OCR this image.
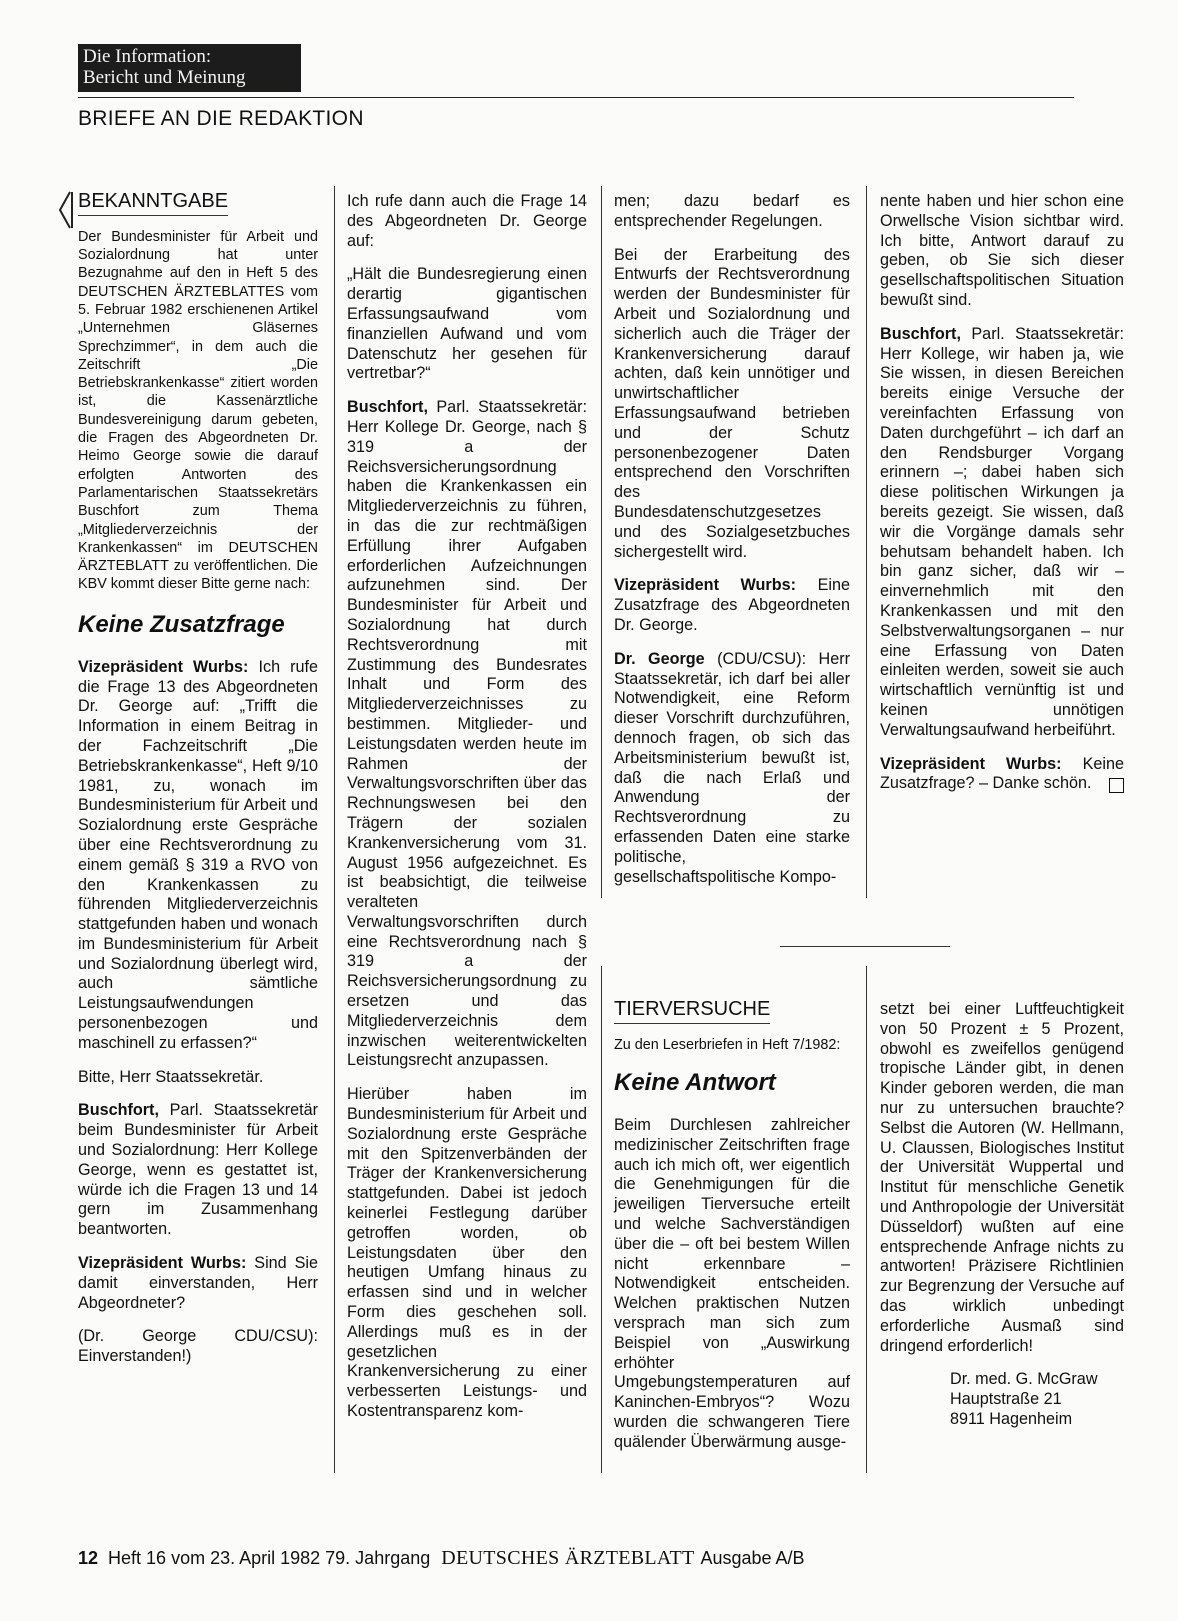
Die Information:
Bericht und Meinung
BRIEFE AN DIE REDAKTION
BEKANNTGABE

Der Bundesminister für Arbeit und Sozialordnung hat unter Bezugnahme auf den in Heft 5 des DEUTSCHEN ÄRZTEBLATTES vom 5. Februar 1982 erschienenen Artikel „Unternehmen Gläsernes Sprechzimmer“, in dem auch die Zeitschrift „Die Betriebskrankenkasse“ zitiert worden ist, die Kassenärztliche Bundesvereinigung darum gebeten, die Fragen des Abgeordneten Dr. Heimo George sowie die darauf erfolgten Antworten des Parlamentarischen Staatssekretärs Buschfort zum Thema „Mitgliederverzeichnis der Krankenkassen“ im DEUTSCHEN ÄRZTEBLATT zu veröffentlichen. Die KBV kommt dieser Bitte gerne nach:

Keine Zusatzfrage

Vizepräsident Wurbs: Ich rufe die Frage 13 des Abgeordneten Dr. George auf: „Trifft die Information in einem Beitrag in der Fachzeitschrift „Die Betriebskrankenkasse“, Heft 9/10 1981, zu, wonach im Bundesministerium für Arbeit und Sozialordnung erste Gespräche über eine Rechtsverordnung zu einem gemäß § 319 a RVO von den Krankenkassen zu führenden Mitgliederverzeichnis stattgefunden haben und wonach im Bundesministerium für Arbeit und Sozialordnung überlegt wird, auch sämtliche Leistungsaufwendungen personenbezogen und maschinell zu erfassen?“

Bitte, Herr Staatssekretär.

Buschfort, Parl. Staatssekretär beim Bundesminister für Arbeit und Sozialordnung: Herr Kollege George, wenn es gestattet ist, würde ich die Fragen 13 und 14 gern im Zusammenhang beantworten.

Vizepräsident Wurbs: Sind Sie damit einverstanden, Herr Abgeordneter?

(Dr. George CDU/CSU): Einverstanden!)

Ich rufe dann auch die Frage 14 des Abgeordneten Dr. George auf:

„Hält die Bundesregierung einen derartig gigantischen Erfassungsaufwand vom finanziellen Aufwand und vom Datenschutz her gesehen für vertretbar?“

Buschfort, Parl. Staatssekretär: Herr Kollege Dr. George, nach § 319 a der Reichsversicherungsordnung haben die Krankenkassen ein Mitgliederverzeichnis zu führen, in das die zur rechtmäßigen Erfüllung ihrer Aufgaben erforderlichen Aufzeichnungen aufzunehmen sind. Der Bundesminister für Arbeit und Sozialordnung hat durch Rechtsverordnung mit Zustimmung des Bundesrates Inhalt und Form des Mitgliederverzeichnisses zu bestimmen. Mitglieder- und Leistungsdaten werden heute im Rahmen der Verwaltungsvorschriften über das Rechnungswesen bei den Trägern der sozialen Krankenversicherung vom 31. August 1956 aufgezeichnet. Es ist beabsichtigt, die teilweise veralteten Verwaltungsvorschriften durch eine Rechtsverordnung nach § 319 a der Reichsversicherungsordnung zu ersetzen und das Mitgliederverzeichnis dem inzwischen weiterentwickelten Leistungsrecht anzupassen.

Hierüber haben im Bundesministerium für Arbeit und Sozialordnung erste Gespräche mit den Spitzenverbänden der Träger der Krankenversicherung stattgefunden. Dabei ist jedoch keinerlei Festlegung darüber getroffen worden, ob Leistungsdaten über den heutigen Umfang hinaus zu erfassen sind und in welcher Form dies geschehen soll. Allerdings muß es in der gesetzlichen Krankenversicherung zu einer verbesserten Leistungs- und Kostentransparenz kom-

men; dazu bedarf es entsprechender Regelungen.

Bei der Erarbeitung des Entwurfs der Rechtsverordnung werden der Bundesminister für Arbeit und Sozialordnung und sicherlich auch die Träger der Krankenversicherung darauf achten, daß kein unnötiger und unwirtschaftlicher Erfassungsaufwand betrieben und der Schutz personenbezogener Daten entsprechend den Vorschriften des Bundesdatenschutzgesetzes und des Sozialgesetzbuches sichergestellt wird.

Vizepräsident Wurbs: Eine Zusatzfrage des Abgeordneten Dr. George.

Dr. George (CDU/CSU): Herr Staatssekretär, ich darf bei aller Notwendigkeit, eine Reform dieser Vorschrift durchzuführen, dennoch fragen, ob sich das Arbeitsministerium bewußt ist, daß die nach Erlaß und Anwendung der Rechtsverordnung zu erfassenden Daten eine starke politische, gesellschaftspolitische Kompo-

nente haben und hier schon eine Orwellsche Vision sichtbar wird. Ich bitte, Antwort darauf zu geben, ob Sie sich dieser gesellschaftspolitischen Situation bewußt sind.

Buschfort, Parl. Staatssekretär: Herr Kollege, wir haben ja, wie Sie wissen, in diesen Bereichen bereits einige Versuche der vereinfachten Erfassung von Daten durchgeführt – ich darf an den Rendsburger Vorgang erinnern –; dabei haben sich diese politischen Wirkungen ja bereits gezeigt. Sie wissen, daß wir die Vorgänge damals sehr behutsam behandelt haben. Ich bin ganz sicher, daß wir – einvernehmlich mit den Krankenkassen und mit den Selbstverwaltungsorganen – nur eine Erfassung von Daten einleiten werden, soweit sie auch wirtschaftlich vernünftig ist und keinen unnötigen Verwaltungsaufwand herbeiführt.

Vizepräsident Wurbs: Keine Zusatzfrage? – Danke schön.

TIERVERSUCHE

Zu den Leserbriefen in Heft 7/1982:

Keine Antwort

Beim Durchlesen zahlreicher medizinischer Zeitschriften frage auch ich mich oft, wer eigentlich die Genehmigungen für die jeweiligen Tierversuche erteilt und welche Sachverständigen über die – oft bei bestem Willen nicht erkennbare – Notwendigkeit entscheiden. Welchen praktischen Nutzen versprach man sich zum Beispiel von „Auswirkung erhöhter Umgebungstemperaturen auf Kaninchen-Embryos“? Wozu wurden die schwangeren Tiere quälender Überwärmung ausge-

setzt bei einer Luftfeuchtigkeit von 50 Prozent ± 5 Prozent, obwohl es zweifellos genügend tropische Länder gibt, in denen Kinder geboren werden, die man nur zu untersuchen brauchte? Selbst die Autoren (W. Hellmann, U. Claussen, Biologisches Institut der Universität Wuppertal und Institut für menschliche Genetik und Anthropologie der Universität Düsseldorf) wußten auf eine entsprechende Anfrage nichts zu antworten! Präzisere Richtlinien zur Begrenzung der Versuche auf das wirklich unbedingt erforderliche Ausmaß sind dringend erforderlich!

Dr. med. G. McGraw
Hauptstraße 21
8911 Hagenheim
12 Heft 16 vom 23. April 1982 79. Jahrgang DEUTSCHES ÄRZTEBLATT Ausgabe A/B
